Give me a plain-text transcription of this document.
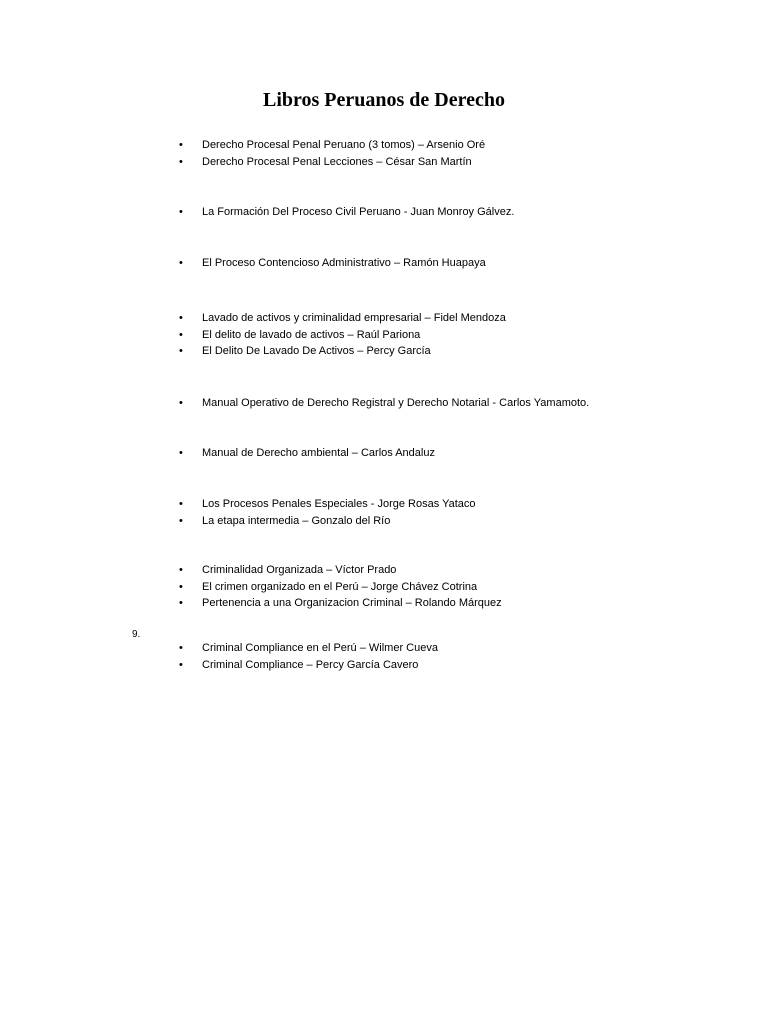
Libros Peruanos de Derecho
• Derecho Procesal Penal Peruano (3 tomos) – Arsenio Oré
• Derecho Procesal Penal Lecciones – César San Martín
• La Formación Del Proceso Civil Peruano - Juan Monroy Gálvez.
• El Proceso Contencioso Administrativo – Ramón Huapaya
• Lavado de activos y criminalidad empresarial – Fidel Mendoza
• El delito de lavado de activos – Raúl Pariona
• El Delito De Lavado De Activos – Percy García
• Manual Operativo de Derecho Registral y Derecho Notarial - Carlos Yamamoto.
• Manual de Derecho ambiental – Carlos Andaluz
• Los Procesos Penales Especiales - Jorge Rosas Yataco
• La etapa intermedia – Gonzalo del Río
• Criminalidad Organizada – Víctor Prado
• El crimen organizado en el Perú – Jorge Chávez Cotrina
• Pertenencia a una Organizacion Criminal – Rolando Márquez
9.
• Criminal Compliance en el Perú – Wilmer Cueva
• Criminal Compliance – Percy García Cavero
